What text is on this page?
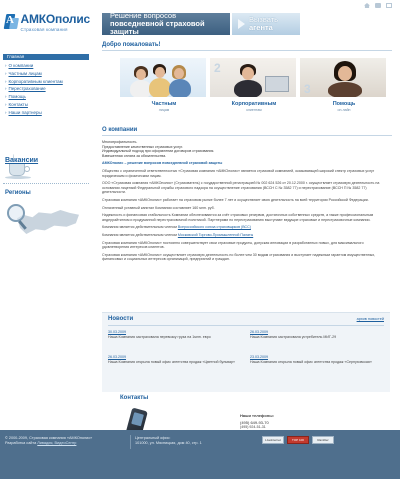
A АМКОполис
Страховая компания
Решение вопросов
повседневной страховой защиты
Вызвать
агента
Главная
› О компании
› Частным лицам
› Корпоративным клиентам
› Перестрахование
› Помощь
› Контакты
› Наши партнеры
Вакансии
Регионы
Добро пожаловать!
Частным
лицам
2
Корпоративным
клиентам
3
Помощь
он-лайн
О компании

Многопрофильность.
Предоставление качественных страховых услуг.
Индивидуальный подход при оформлении договоров страхования.
Взвешенная оплата за обязательства.

АМКОполис – решение вопросов повседневной страховой защиты

Общество с ограниченной ответственностью «Страховая компания «АМКОполис» является страховой компанией, оказывающей широкий спектр страховых услуг юридическим и физическим лицам.

ООО «Страховая компания «АМКОполис» (Страхователь) с государственной регистрацией № 002 624 526 от 20.12.2000 г. осуществляет страховую деятельность на основании лицензий Федеральной службы страхового надзора на осуществление страхования (ВССН С № 3582 77) и перестрахование (ВССН П № 3582 77) деятельности.

Страховая компания «АМКОполис» работает на страховом рынке более 7 лет и осуществляет свою деятельность на всей территории Российской Федерации.

Оплаченный уставный капитал Компании составляет 160 млн. руб.

Надежность и финансовая стабильность Компании обеспечиваются за счёт страховых резервов, достаточных собственных средств, а также профессиональным андеррайтингом и продуманной перестраховочной политикой. Партнерами по перестрахованию выступают ведущие страховые и перестраховочные компании.

Компания является действительным членом Всероссийского союза страховщиков (ВСС)

Компания является действительным членом Московской Торгово-Промышленной Палаты

Страховая компания «АМКОполис» постоянно совершенствует свои страховые продукты, допуская инновации в разработанных новых, для максимального удовлетворения интересов клиентов.

Страховая компания «АМКОполис» осуществляет страховую деятельность по более чем 30 видам страхования и выступает надежным гарантом имущественных, финансовых и социальных интересов организаций, предприятий и граждан.

Новости	архив новостей
30.03.2009
Наша Компания застраховала перевозку груза на 1млн. евро
26.03.2009
Наша Компания застраховала устребитель МИГ-29
26.03.2009
Наша Компания открыла новый офис агентства продаж «Цветной бульвар»
23.03.2009
Наша Компания открыла новый офис агентства продаж «Серпуховская»
Контакты
Наши телефоны:
(495) 649-93-70
(495) 924-51-31
© 2000-2009, Страховая компания «АМКОполис»
Разработка сайта Ливадия, ВидеоСентр
Центральный офис:
101000, ул. Мясницкая, дом 40, стр. 1
LiveInternet	TOP 100	Rambler
